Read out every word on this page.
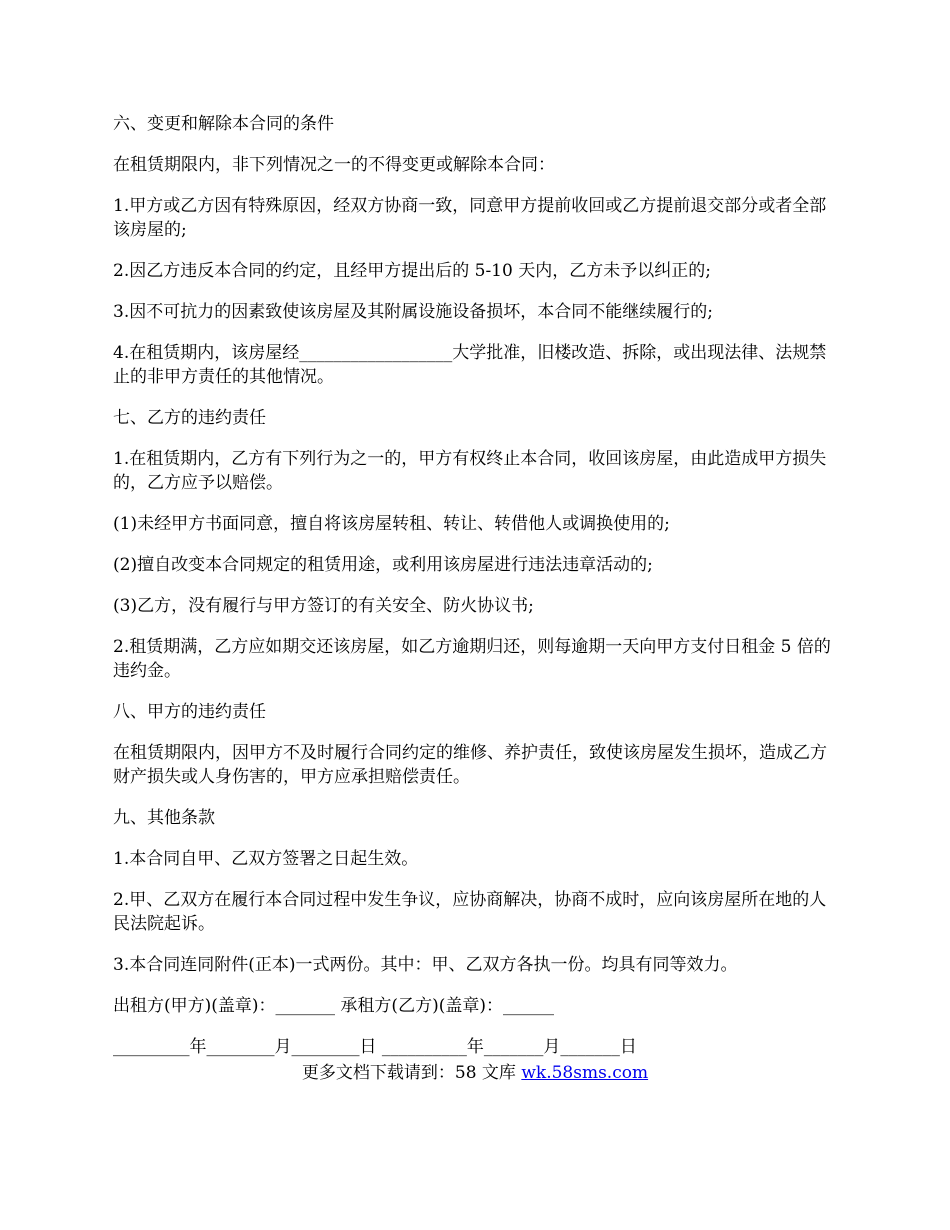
六、变更和解除本合同的条件

在租赁期限内，非下列情况之一的不得变更或解除本合同：

1.甲方或乙方因有特殊原因，经双方协商一致，同意甲方提前收回或乙方提前退交部分或者全部该房屋的;

2.因乙方违反本合同的约定，且经甲方提出后的 5-10 天内，乙方未予以纠正的;

3.因不可抗力的因素致使该房屋及其附属设施设备损坏，本合同不能继续履行的;

4.在租赁期内，该房屋经__________________大学批准，旧楼改造、拆除，或出现法律、法规禁止的非甲方责任的其他情况。

七、乙方的违约责任

1.在租赁期内，乙方有下列行为之一的，甲方有权终止本合同，收回该房屋，由此造成甲方损失的，乙方应予以赔偿。

(1)未经甲方书面同意，擅自将该房屋转租、转让、转借他人或调换使用的;

(2)擅自改变本合同规定的租赁用途，或利用该房屋进行违法违章活动的;

(3)乙方，没有履行与甲方签订的有关安全、防火协议书;

2.租赁期满，乙方应如期交还该房屋，如乙方逾期归还，则每逾期一天向甲方支付日租金 5 倍的违约金。

八、甲方的违约责任

在租赁期限内，因甲方不及时履行合同约定的维修、养护责任，致使该房屋发生损坏，造成乙方财产损失或人身伤害的，甲方应承担赔偿责任。

九、其他条款

1.本合同自甲、乙双方签署之日起生效。

2.甲、乙双方在履行本合同过程中发生争议，应协商解决，协商不成时，应向该房屋所在地的人民法院起诉。

3.本合同连同附件(正本)一式两份。其中：甲、乙双方各执一份。均具有同等效力。

出租方(甲方)(盖章)：_______ 承租方(乙方)(盖章)：______

_________年________月________日 __________年_______月_______日

更多文档下载请到：58 文库 wk.58sms.com
